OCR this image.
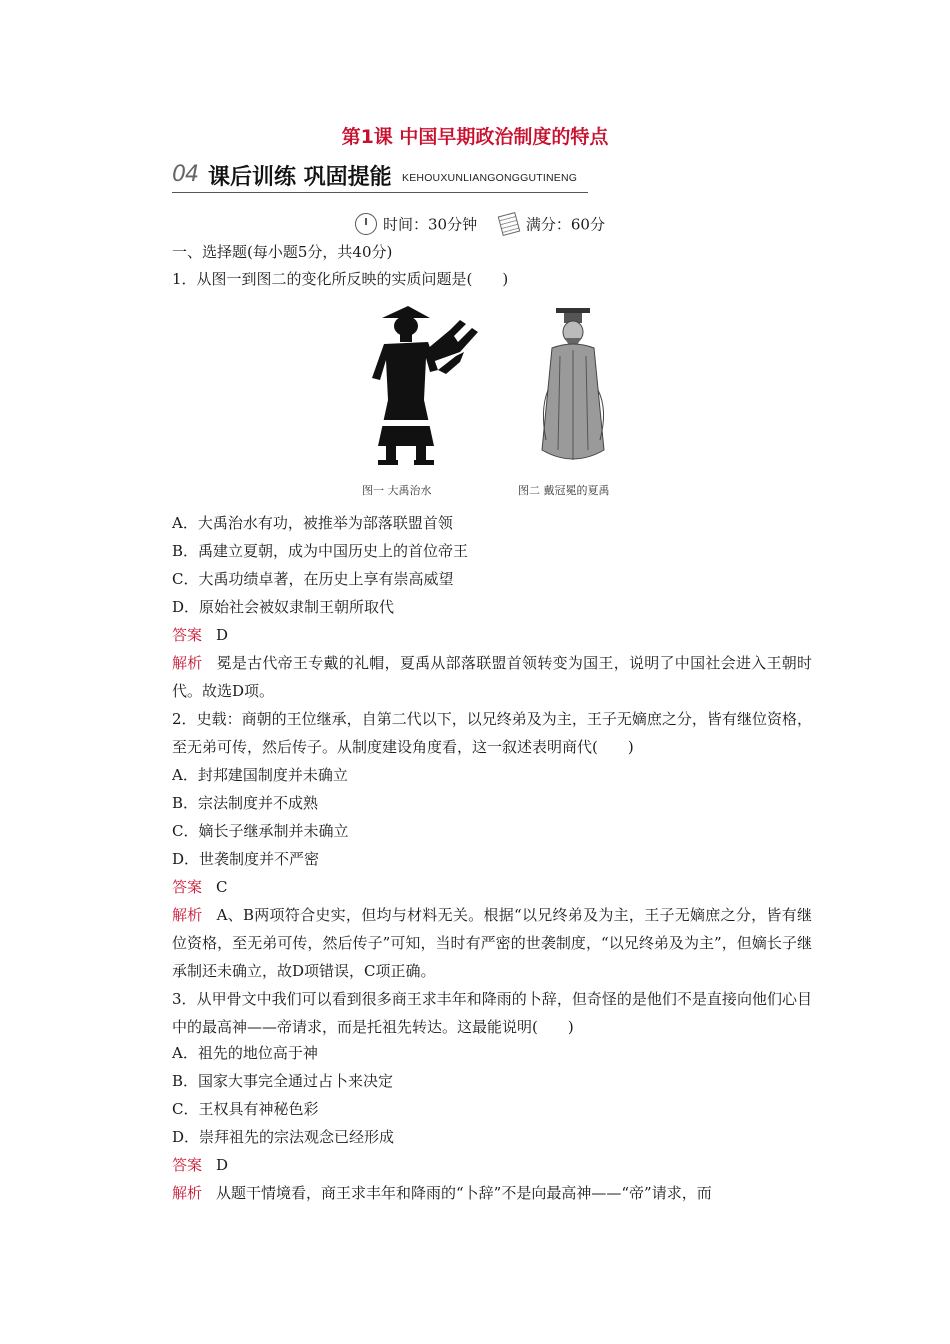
第1课 中国早期政治制度的特点
04 课后训练 巩固提能 KEHOUXUNLIANGONGGUTINENG
时间：30分钟	满分：60分
一、选择题(每小题5分，共40分)
1．从图一到图二的变化所反映的实质问题是(　　)
图一 大禹治水	图二 戴冠冕的夏禹
A．大禹治水有功，被推举为部落联盟首领
B．禹建立夏朝，成为中国历史上的首位帝王
C．大禹功绩卓著，在历史上享有崇高威望
D．原始社会被奴隶制王朝所取代
答案 D
解析 冕是古代帝王专戴的礼帽，夏禹从部落联盟首领转变为国王，说明了中国社会进入王朝时代。故选D项。
2．史载：商朝的王位继承，自第二代以下，以兄终弟及为主，王子无嫡庶之分，皆有继位资格，至无弟可传，然后传子。从制度建设角度看，这一叙述表明商代(　　)
A．封邦建国制度并未确立
B．宗法制度并不成熟
C．嫡长子继承制并未确立
D．世袭制度并不严密
答案 C
解析 A、B两项符合史实，但均与材料无关。根据“以兄终弟及为主，王子无嫡庶之分，皆有继位资格，至无弟可传，然后传子”可知，当时有严密的世袭制度，“以兄终弟及为主”，但嫡长子继承制还未确立，故D项错误，C项正确。
3．从甲骨文中我们可以看到很多商王求丰年和降雨的卜辞，但奇怪的是他们不是直接向他们心目中的最高神——帝请求，而是托祖先转达。这最能说明(　　)
A．祖先的地位高于神
B．国家大事完全通过占卜来决定
C．王权具有神秘色彩
D．崇拜祖先的宗法观念已经形成
答案 D
解析 从题干情境看，商王求丰年和降雨的“卜辞”不是向最高神——“帝”请求，而
